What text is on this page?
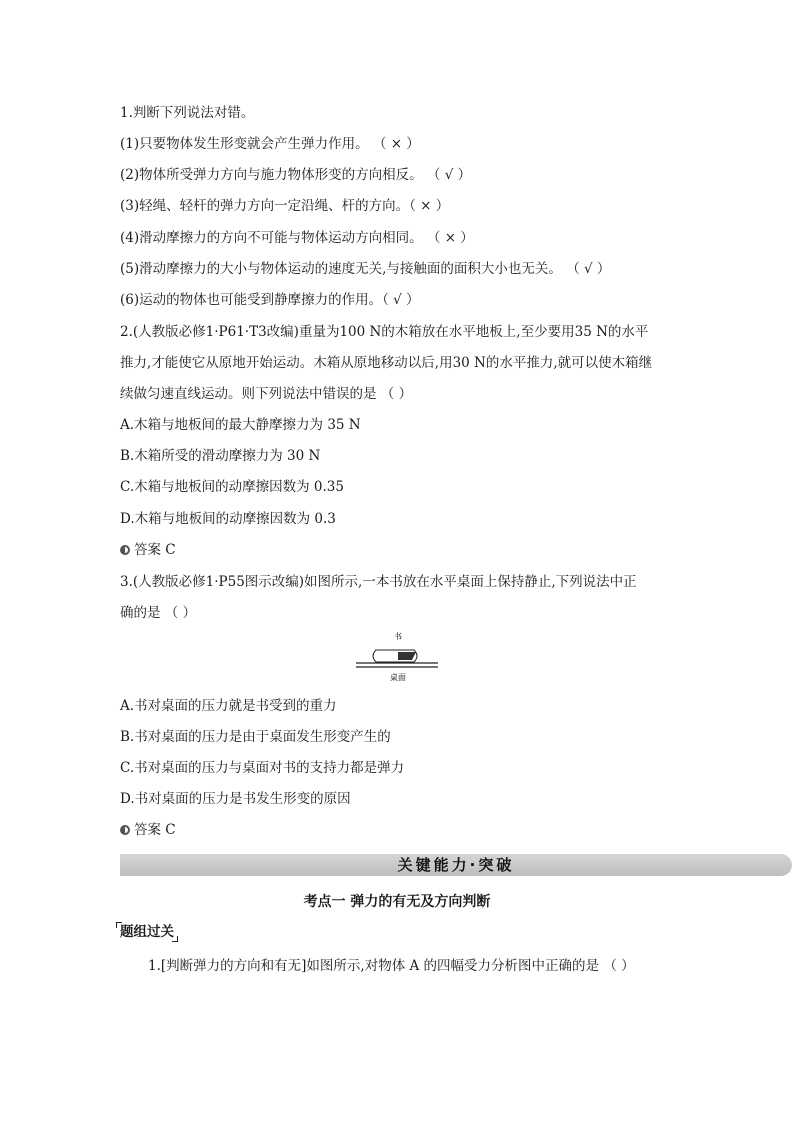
1.判断下列说法对错。
(1)只要物体发生形变就会产生弹力作用。 （ × ）
(2)物体所受弹力方向与施力物体形变的方向相反。 （ √ ）
(3)轻绳、轻杆的弹力方向一定沿绳、杆的方向。（ × ）
(4)滑动摩擦力的方向不可能与物体运动方向相同。 （ × ）
(5)滑动摩擦力的大小与物体运动的速度无关,与接触面的面积大小也无关。 （ √ ）
(6)运动的物体也可能受到静摩擦力的作用。（ √ ）
2.(人教版必修1·P61·T3改编)重量为100 N的木箱放在水平地板上,至少要用35 N的水平
推力,才能使它从原地开始运动。木箱从原地移动以后,用30 N的水平推力,就可以使木箱继
续做匀速直线运动。则下列说法中错误的是 （ ）
A.木箱与地板间的最大静摩擦力为 35 N
B.木箱所受的滑动摩擦力为 30 N
C.木箱与地板间的动摩擦因数为 0.35
D.木箱与地板间的动摩擦因数为 0.3
答案 C
3.(人教版必修1·P55图示改编)如图所示,一本书放在水平桌面上保持静止,下列说法中正
确的是 （ ）
书
桌面
A.书对桌面的压力就是书受到的重力
B.书对桌面的压力是由于桌面发生形变产生的
C.书对桌面的压力与桌面对书的支持力都是弹力
D.书对桌面的压力是书发生形变的原因
答案 C
关键能力·突破
考点一 弹力的有无及方向判断
题组过关
1.[判断弹力的方向和有无]如图所示,对物体 A 的四幅受力分析图中正确的是 （ ）
